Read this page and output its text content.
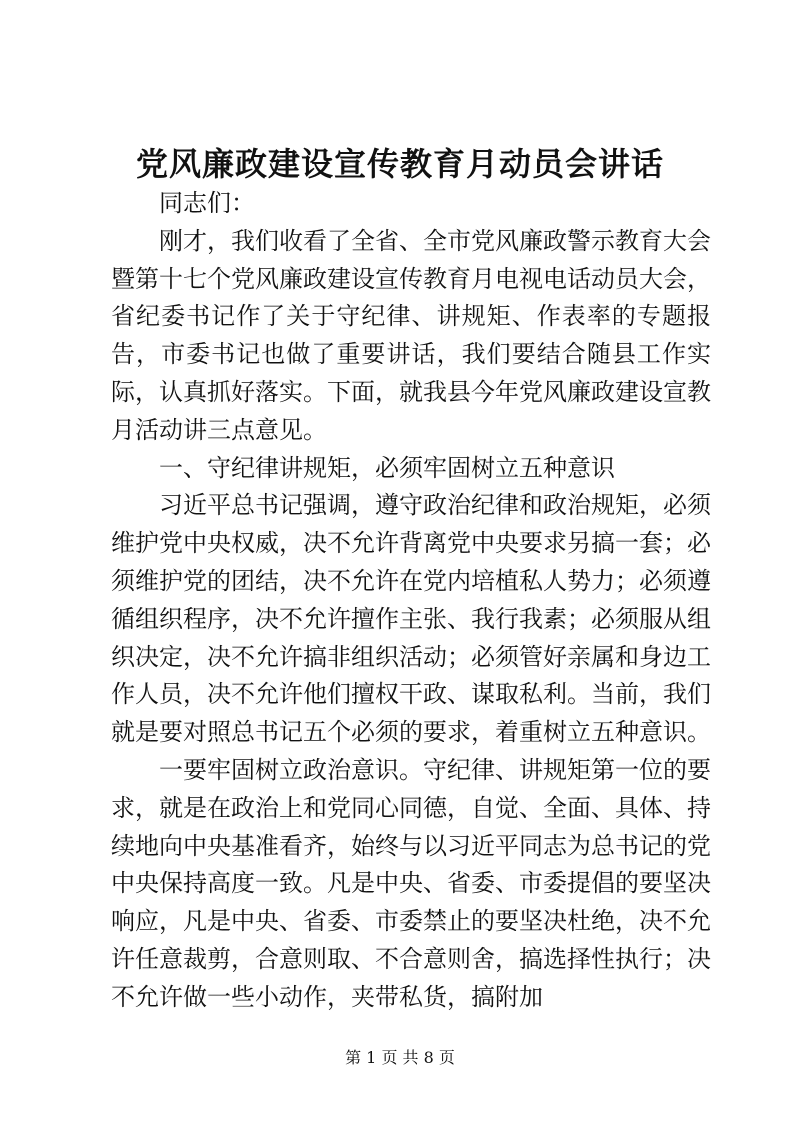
党风廉政建设宣传教育月动员会讲话

同志们：

刚才，我们收看了全省、全市党风廉政警示教育大会暨第十七个党风廉政建设宣传教育月电视电话动员大会，省纪委书记作了关于守纪律、讲规矩、作表率的专题报告，市委书记也做了重要讲话，我们要结合随县工作实际，认真抓好落实。下面，就我县今年党风廉政建设宣教月活动讲三点意见。

一、守纪律讲规矩，必须牢固树立五种意识

习近平总书记强调，遵守政治纪律和政治规矩，必须维护党中央权威，决不允许背离党中央要求另搞一套；必须维护党的团结，决不允许在党内培植私人势力；必须遵循组织程序，决不允许擅作主张、我行我素；必须服从组织决定，决不允许搞非组织活动；必须管好亲属和身边工作人员，决不允许他们擅权干政、谋取私利。当前，我们就是要对照总书记五个必须的要求，着重树立五种意识。

一要牢固树立政治意识。守纪律、讲规矩第一位的要求，就是在政治上和党同心同德，自觉、全面、具体、持续地向中央基准看齐，始终与以习近平同志为总书记的党中央保持高度一致。凡是中央、省委、市委提倡的要坚决响应，凡是中央、省委、市委禁止的要坚决杜绝，决不允许任意裁剪，合意则取、不合意则舍，搞选择性执行；决不允许做一些小动作，夹带私货，搞附加

第 1 页 共 8 页
